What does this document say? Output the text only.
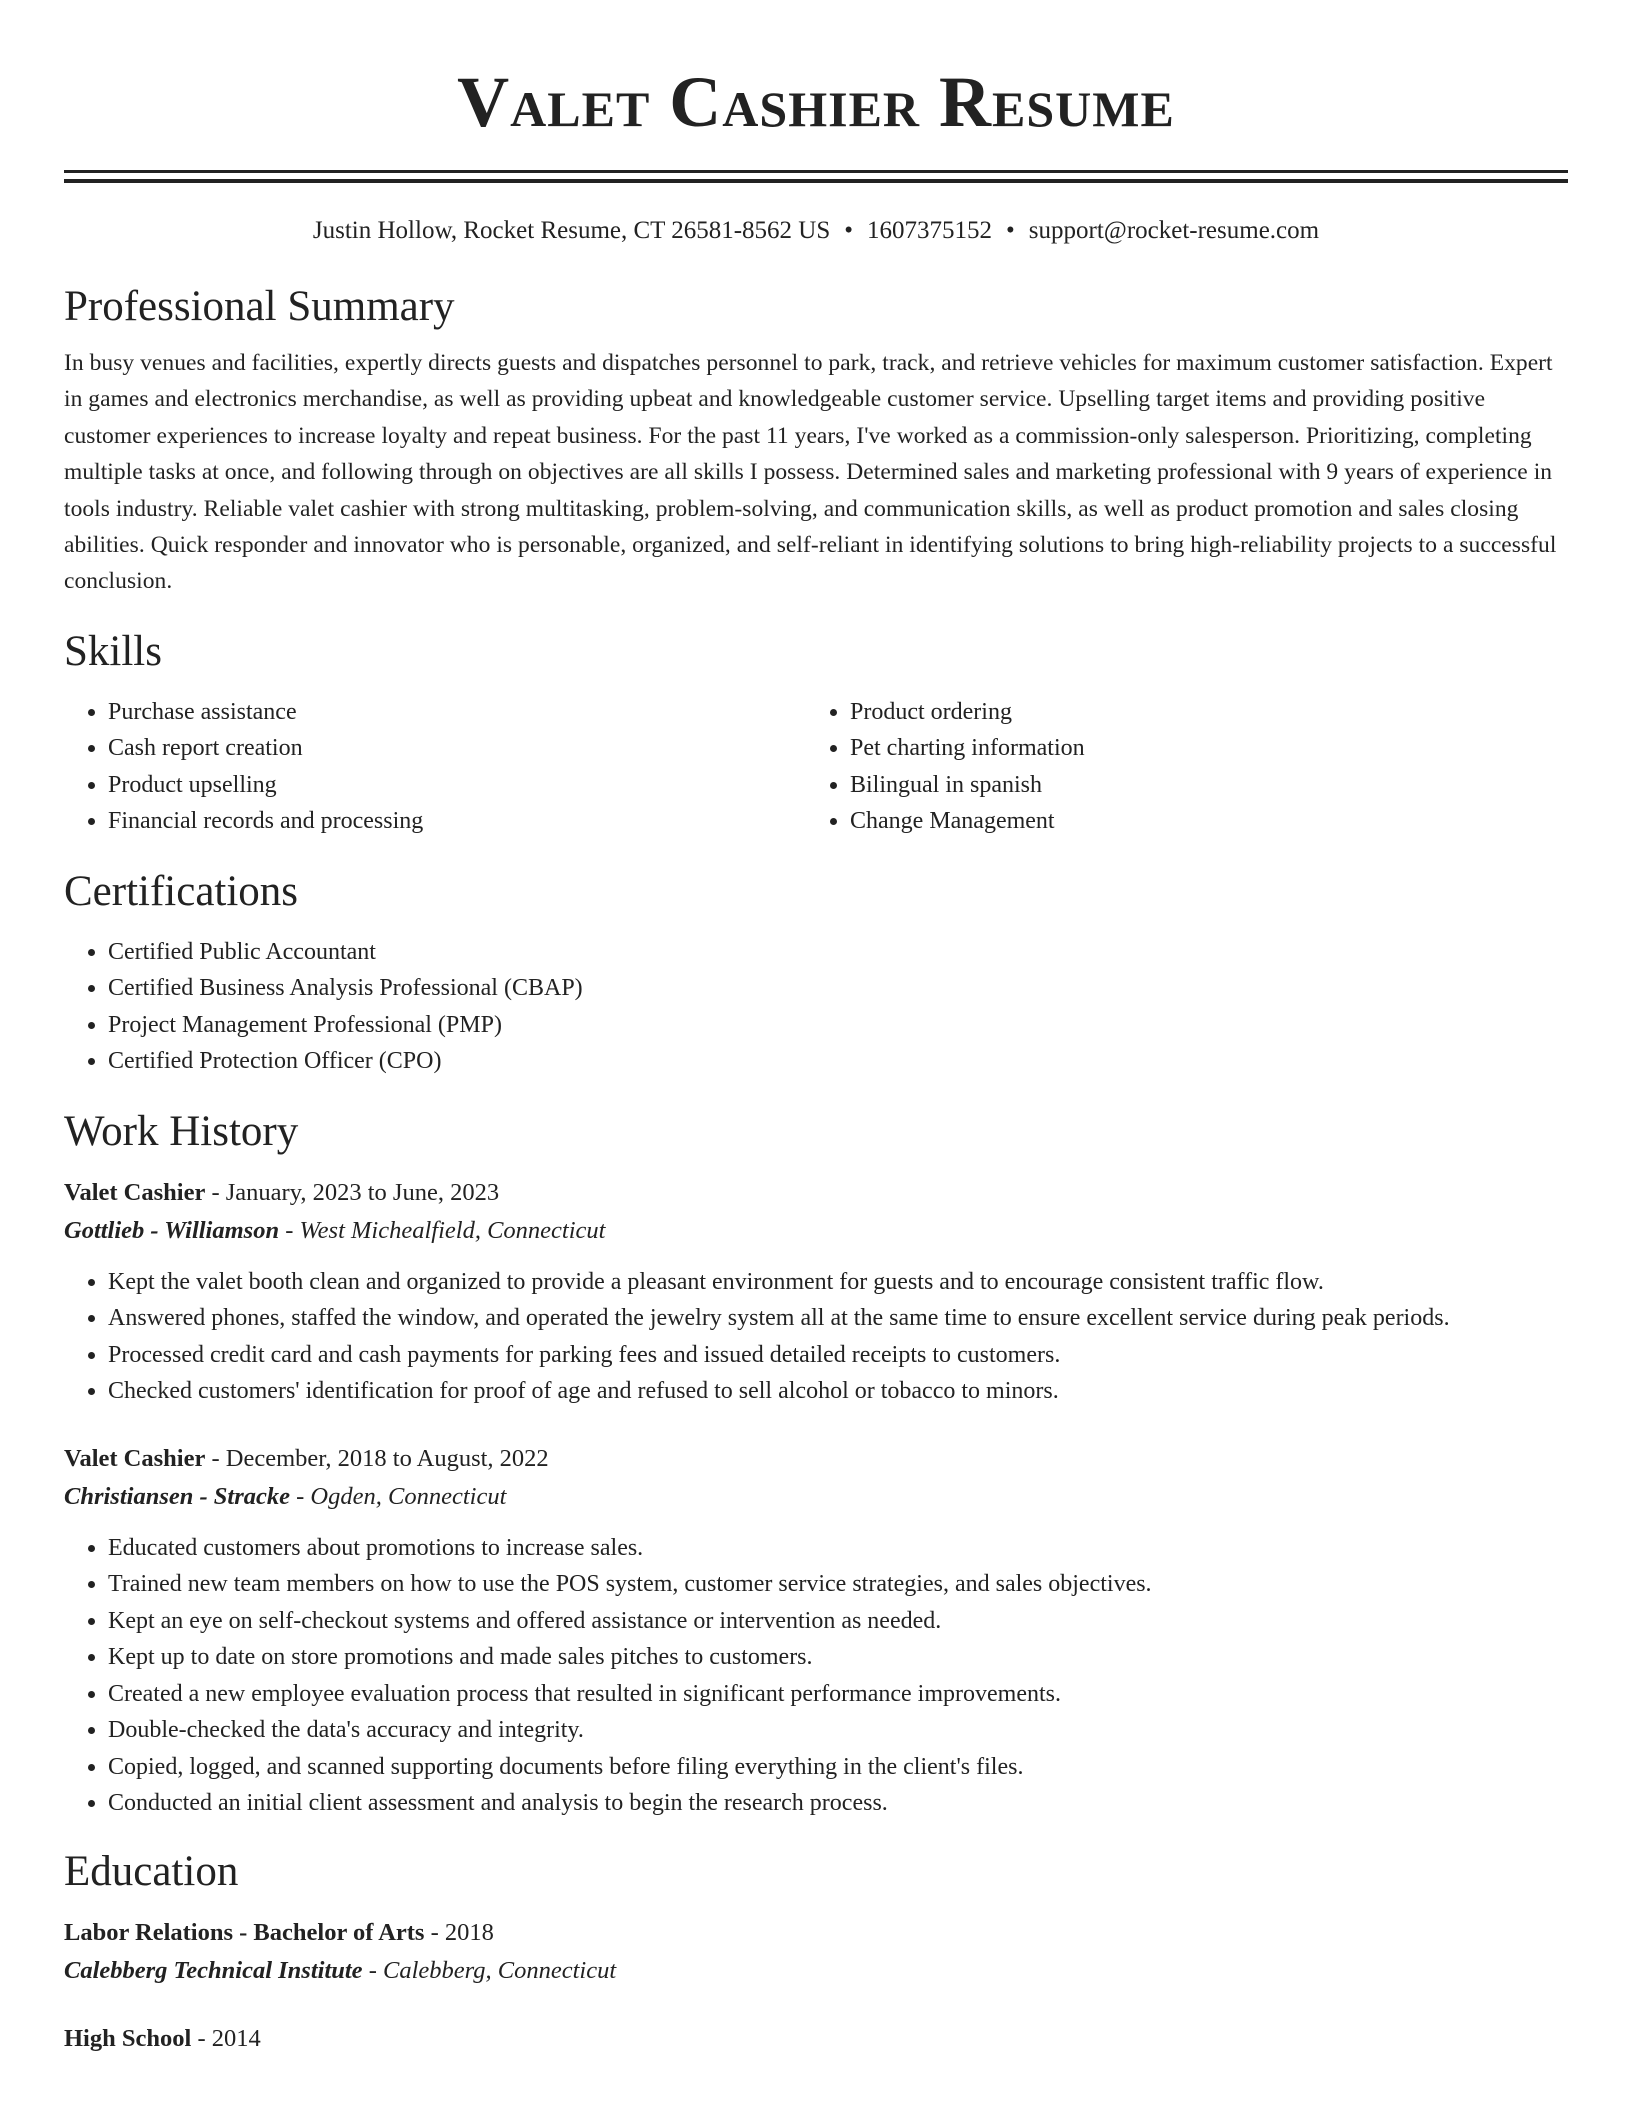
Valet Cashier Resume
Justin Hollow, Rocket Resume, CT 26581-8562 US • 1607375152 • support@rocket-resume.com
Professional Summary

In busy venues and facilities, expertly directs guests and dispatches personnel to park, track, and retrieve vehicles for maximum customer satisfaction. Expert in games and electronics merchandise, as well as providing upbeat and knowledgeable customer service. Upselling target items and providing positive customer experiences to increase loyalty and repeat business. For the past 11 years, I've worked as a commission-only salesperson. Prioritizing, completing multiple tasks at once, and following through on objectives are all skills I possess. Determined sales and marketing professional with 9 years of experience in tools industry. Reliable valet cashier with strong multitasking, problem-solving, and communication skills, as well as product promotion and sales closing abilities. Quick responder and innovator who is personable, organized, and self-reliant in identifying solutions to bring high-reliability projects to a successful conclusion.

Skills
• Purchase assistance
• Cash report creation
• Product upselling
• Financial records and processing
• Product ordering
• Pet charting information
• Bilingual in spanish
• Change Management
Certifications
• Certified Public Accountant
• Certified Business Analysis Professional (CBAP)
• Project Management Professional (PMP)
• Certified Protection Officer (CPO)
Work History
Valet Cashier - January, 2023 to June, 2023
Gottlieb - Williamson - West Michealfield, Connecticut
• Kept the valet booth clean and organized to provide a pleasant environment for guests and to encourage consistent traffic flow.
• Answered phones, staffed the window, and operated the jewelry system all at the same time to ensure excellent service during peak periods.
• Processed credit card and cash payments for parking fees and issued detailed receipts to customers.
• Checked customers' identification for proof of age and refused to sell alcohol or tobacco to minors.
Valet Cashier - December, 2018 to August, 2022
Christiansen - Stracke - Ogden, Connecticut
• Educated customers about promotions to increase sales.
• Trained new team members on how to use the POS system, customer service strategies, and sales objectives.
• Kept an eye on self-checkout systems and offered assistance or intervention as needed.
• Kept up to date on store promotions and made sales pitches to customers.
• Created a new employee evaluation process that resulted in significant performance improvements.
• Double-checked the data's accuracy and integrity.
• Copied, logged, and scanned supporting documents before filing everything in the client's files.
• Conducted an initial client assessment and analysis to begin the research process.
Education
Labor Relations - Bachelor of Arts - 2018
Calebberg Technical Institute - Calebberg, Connecticut
High School - 2014
